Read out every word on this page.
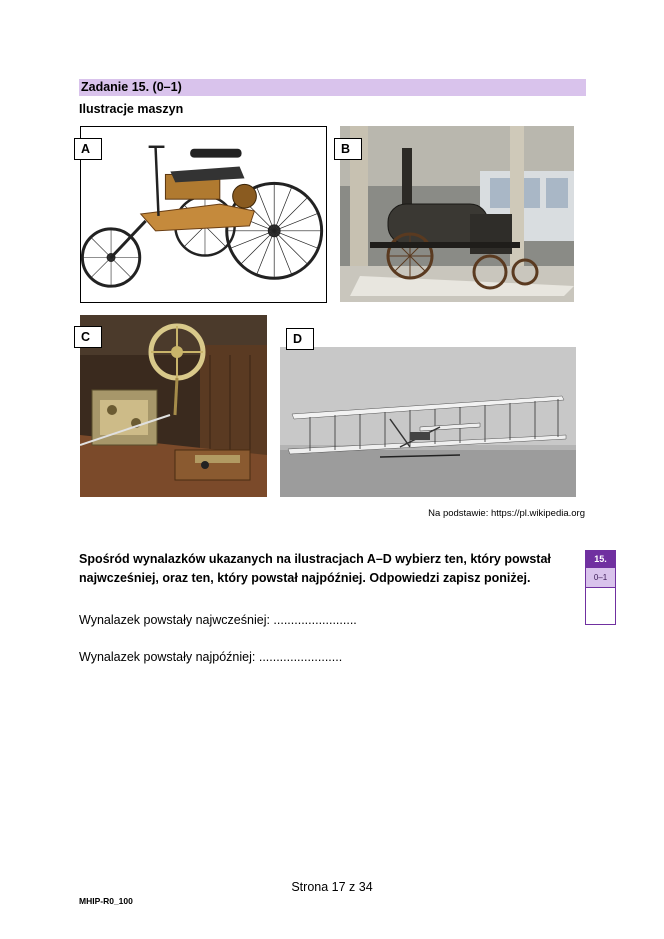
Zadanie 15. (0–1)
Ilustracje maszyn
A	B
C	D
Na podstawie: https://pl.wikipedia.org
Spośród wynalazków ukazanych na ilustracjach A–D wybierz ten, który powstał najwcześniej, oraz ten, który powstał najpóźniej. Odpowiedzi zapisz poniżej.
Wynalazek powstały najwcześniej: ........................
Wynalazek powstały najpóźniej: ........................
15.
0–1
Strona 17 z 34
MHIP-R0_100
